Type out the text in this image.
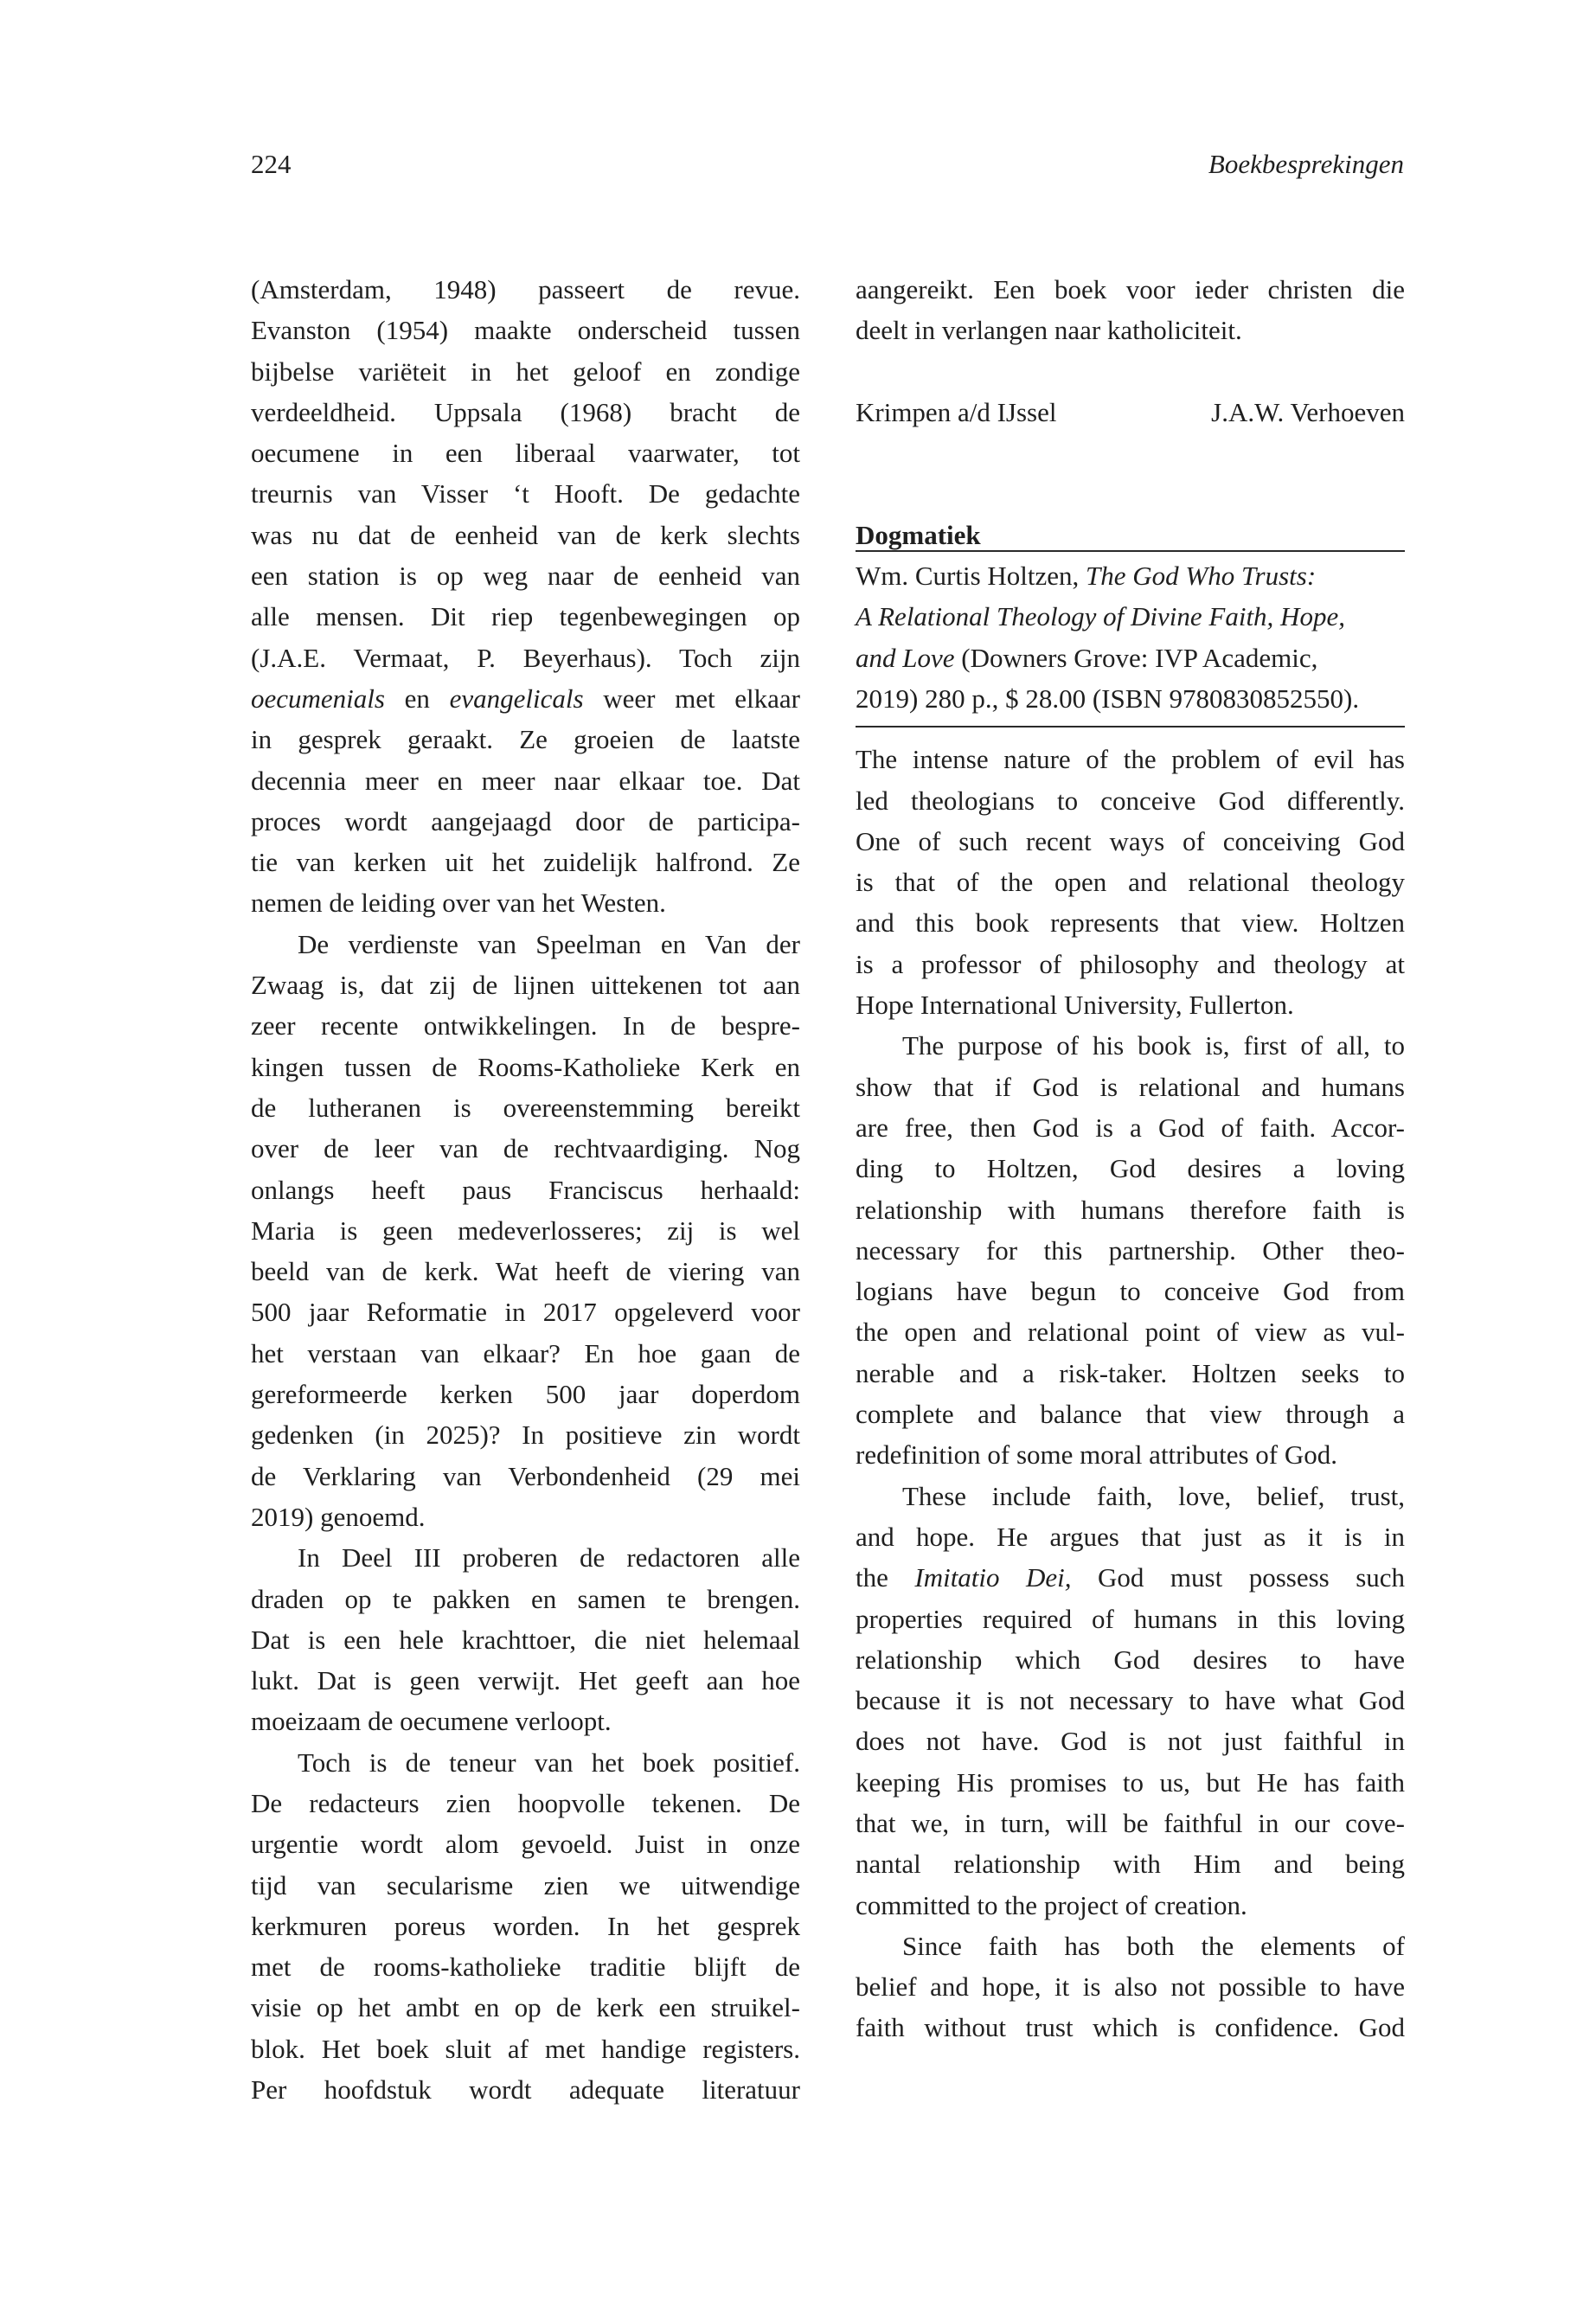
224	Boekbesprekingen
(Amsterdam, 1948) passeert de revue.
Evanston (1954) maakte onderscheid tussen
bijbelse variëteit in het geloof en zondige
verdeeldheid. Uppsala (1968) bracht de
oecumene in een liberaal vaarwater, tot
treurnis van Visser ‘t Hooft. De gedachte
was nu dat de eenheid van de kerk slechts
een station is op weg naar de eenheid van
alle mensen. Dit riep tegenbewegingen op
(J.A.E. Vermaat, P. Beyerhaus). Toch zijn
oecumenials en evangelicals weer met elkaar
in gesprek geraakt. Ze groeien de laatste
decennia meer en meer naar elkaar toe. Dat
proces wordt aangejaagd door de participa-
tie van kerken uit het zuidelijk halfrond. Ze
nemen de leiding over van het Westen.
De verdienste van Speelman en Van der
Zwaag is, dat zij de lijnen uittekenen tot aan
zeer recente ontwikkelingen. In de bespre-
kingen tussen de Rooms-Katholieke Kerk en
de lutheranen is overeenstemming bereikt
over de leer van de rechtvaardiging. Nog
onlangs heeft paus Franciscus herhaald:
Maria is geen medeverlosseres; zij is wel
beeld van de kerk. Wat heeft de viering van
500 jaar Reformatie in 2017 opgeleverd voor
het verstaan van elkaar? En hoe gaan de
gereformeerde kerken 500 jaar doperdom
gedenken (in 2025)? In positieve zin wordt
de Verklaring van Verbondenheid (29 mei
2019) genoemd.
In Deel III proberen de redactoren alle
draden op te pakken en samen te brengen.
Dat is een hele krachttoer, die niet helemaal
lukt. Dat is geen verwijt. Het geeft aan hoe
moeizaam de oecumene verloopt.
Toch is de teneur van het boek positief.
De redacteurs zien hoopvolle tekenen. De
urgentie wordt alom gevoeld. Juist in onze
tijd van secularisme zien we uitwendige
kerkmuren poreus worden. In het gesprek
met de rooms-katholieke traditie blijft de
visie op het ambt en op de kerk een struikel-
blok. Het boek sluit af met handige registers.
Per hoofdstuk wordt adequate literatuur
aangereikt. Een boek voor ieder christen die
deelt in verlangen naar katholiciteit.
Krimpen a/d IJssel	J.A.W. Verhoeven
Dogmatiek
Wm. Curtis Holtzen, The God Who Trusts:
A Relational Theology of Divine Faith, Hope,
and Love (Downers Grove: IVP Academic,
2019) 280 p., $ 28.00 (ISBN 9780830852550).
The intense nature of the problem of evil has
led theologians to conceive God differently.
One of such recent ways of conceiving God
is that of the open and relational theology
and this book represents that view. Holtzen
is a professor of philosophy and theology at
Hope International University, Fullerton.
The purpose of his book is, first of all, to
show that if God is relational and humans
are free, then God is a God of faith. Accor-
ding to Holtzen, God desires a loving
relationship with humans therefore faith is
necessary for this partnership. Other theo-
logians have begun to conceive God from
the open and relational point of view as vul-
nerable and a risk-taker. Holtzen seeks to
complete and balance that view through a
redefinition of some moral attributes of God.
These include faith, love, belief, trust,
and hope. He argues that just as it is in
the Imitatio Dei, God must possess such
properties required of humans in this loving
relationship which God desires to have
because it is not necessary to have what God
does not have. God is not just faithful in
keeping His promises to us, but He has faith
that we, in turn, will be faithful in our cove-
nantal relationship with Him and being
committed to the project of creation.
Since faith has both the elements of
belief and hope, it is also not possible to have
faith without trust which is confidence. God
